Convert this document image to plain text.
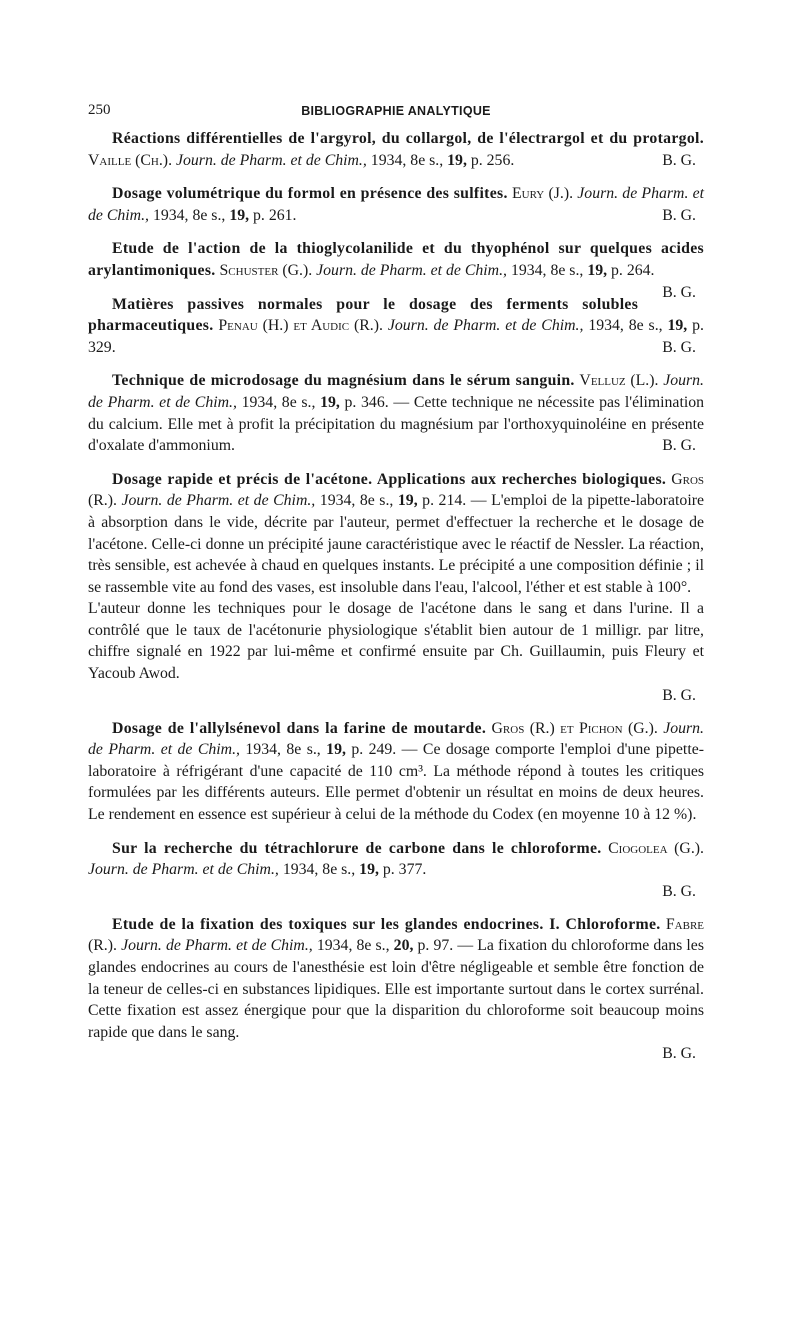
250	BIBLIOGRAPHIE ANALYTIQUE

Réactions différentielles de l'argyrol, du collargol, de l'électrargol et du protargol. Vaille (Ch.). Journ. de Pharm. et de Chim., 1934, 8e s., 19, p. 256.	B. G.

Dosage volumétrique du formol en présence des sulfites. Eury (J.). Journ. de Pharm. et de Chim., 1934, 8e s., 19, p. 261.	B. G.

Etude de l'action de la thioglycolanilide et du thyophénol sur quelques acides arylantimoniques. Schuster (G.). Journ. de Pharm. et de Chim., 1934, 8e s., 19, p. 264.
B. G.

Matières passives normales pour le dosage des ferments solubles pharmaceutiques. Penau (H.) et Audic (R.). Journ. de Pharm. et de Chim., 1934, 8e s., 19, p. 329.	B. G.

Technique de microdosage du magnésium dans le sérum sanguin. Velluz (L.). Journ. de Pharm. et de Chim., 1934, 8e s., 19, p. 346. — Cette technique ne nécessite pas l'élimination du calcium. Elle met à profit la précipitation du magnésium par l'orthoxyquinoléine en présente d'oxalate d'ammonium.	B. G.

Dosage rapide et précis de l'acétone. Applications aux recherches biologiques. Gros (R.). Journ. de Pharm. et de Chim., 1934, 8e s., 19, p. 214. — L'emploi de la pipette-laboratoire à absorption dans le vide, décrite par l'auteur, permet d'effectuer la recherche et le dosage de l'acétone. Celle-ci donne un précipité jaune caractéristique avec le réactif de Nessler. La réaction, très sensible, est achevée à chaud en quelques instants. Le précipité a une composition définie ; il se rassemble vite au fond des vases, est insoluble dans l'eau, l'alcool, l'éther et est stable à 100°.

L'auteur donne les techniques pour le dosage de l'acétone dans le sang et dans l'urine. Il a contrôlé que le taux de l'acétonurie physiologique s'établit bien autour de 1 milligr. par litre, chiffre signalé en 1922 par lui-même et confirmé ensuite par Ch. Guillaumin, puis Fleury et Yacoub Awod.

B. G.

Dosage de l'allylsénevol dans la farine de moutarde. Gros (R.) et Pichon (G.). Journ. de Pharm. et de Chim., 1934, 8e s., 19, p. 249. — Ce dosage comporte l'emploi d'une pipette-laboratoire à réfrigérant d'une capacité de 110 cm³. La méthode répond à toutes les critiques formulées par les différents auteurs. Elle permet d'obtenir un résultat en moins de deux heures. Le rendement en essence est supérieur à celui de la méthode du Codex (en moyenne 10 à 12 %).

Sur la recherche du tétrachlorure de carbone dans le chloroforme. Ciogolea (G.). Journ. de Pharm. et de Chim., 1934, 8e s., 19, p. 377.

B. G.

Etude de la fixation des toxiques sur les glandes endocrines. I. Chloroforme. Fabre (R.). Journ. de Pharm. et de Chim., 1934, 8e s., 20, p. 97. — La fixation du chloroforme dans les glandes endocrines au cours de l'anesthésie est loin d'être négligeable et semble être fonction de la teneur de celles-ci en substances lipidiques. Elle est importante surtout dans le cortex surrénal. Cette fixation est assez énergique pour que la disparition du chloroforme soit beaucoup moins rapide que dans le sang.

B. G.
